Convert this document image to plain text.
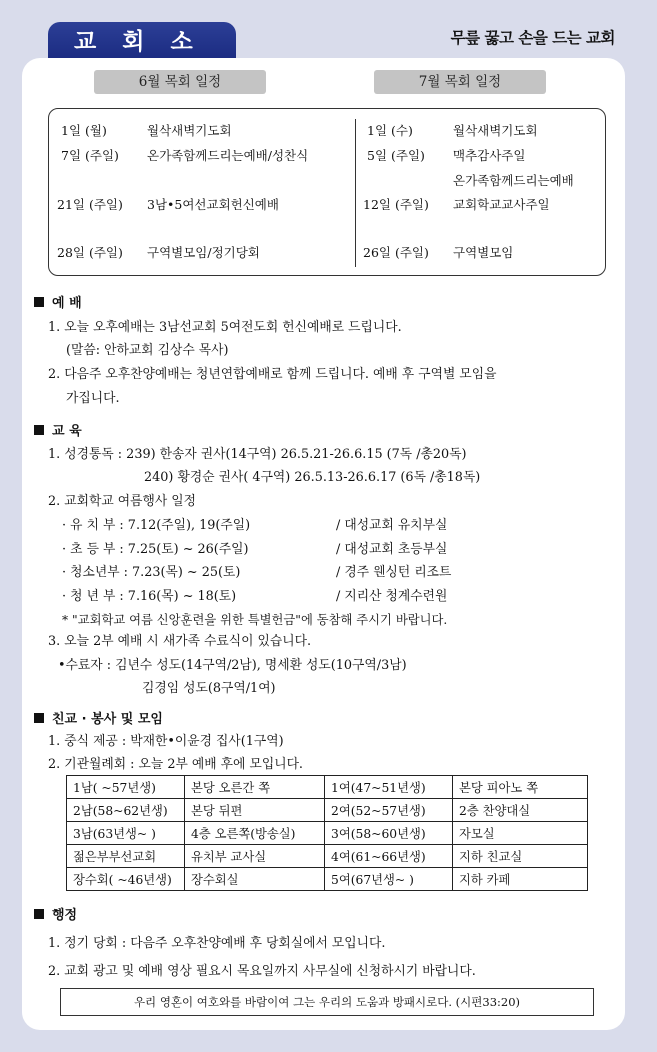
교 회 소	무릎 꿇고 손을 드는 교회
6월 목회 일정	7월 목회 일정
1일 (월)	월삭새벽기도회
7일 (주일) 온가족함께드리는예배/성찬식
21일 (주일) 3남•5여선교회헌신예배
28일 (주일) 구역별모임/정기당회
1일 (수)	월삭새벽기도회
5일 (주일) 맥추감사주일
온가족함께드리는예배
12일 (주일) 교회학교교사주일
26일 (주일) 구역별모임
예 배
1. 오늘 오후예배는 3남선교회 5여전도회 헌신예배로 드립니다.
(말씀: 안하교회 김상수 목사)
2. 다음주 오후찬양예배는 청년연합예배로 함께 드립니다. 예배 후 구역별 모임을
가집니다.
교 육
1. 성경통독 : 239) 한송자 권사(14구역) 26.5.21-26.6.15 (7독 /총20독)
240) 황경순 권사( 4구역) 26.5.13-26.6.17 (6독 /총18독)
2. 교회학교 여름행사 일정
· 유 치 부 : 7.12(주일), 19(주일)	/ 대성교회 유치부실
· 초 등 부 : 7.25(토) ~ 26(주일)	/ 대성교회 초등부실
· 청소년부 : 7.23(목) ~ 25(토)	/ 경주 웬싱턴 리조트
· 청 년 부 : 7.16(목) ~ 18(토)	/ 지리산 청계수련원
* "교회학교 여름 신앙훈련을 위한 특별헌금"에 동참해 주시기 바랍니다.
3. 오늘 2부 예배 시 새가족 수료식이 있습니다.
•수료자 : 김년수 성도(14구역/2남), 명세환 성도(10구역/3남)
김경임 성도(8구역/1여)
친교 · 봉사 및 모임
1. 중식 제공 : 박재한•이윤경 집사(1구역)
2. 기관월례회 : 오늘 2부 예배 후에 모입니다.
1남( ~57년생)	본당 오른간 쪽	1여(47~51년생)	본당 피아노 쪽
2남(58~62년생)	본당 뒤편	2여(52~57년생)	2층 찬양대실
3남(63년생~ )	4층 오른쪽(방송실)	3여(58~60년생)	자모실
젊은부부선교회	유치부 교사실	4여(61~66년생)	지하 친교실
장수회( ~46년생)	장수회실	5여(67년생~ )	지하 카페
행정
1. 정기 당회 : 다음주 오후찬양예배 후 당회실에서 모입니다.
2. 교회 광고 및 예배 영상 필요시 목요일까지 사무실에 신청하시기 바랍니다.
우리 영혼이 여호와를 바람이여 그는 우리의 도움과 방패시로다. (시편33:20)
